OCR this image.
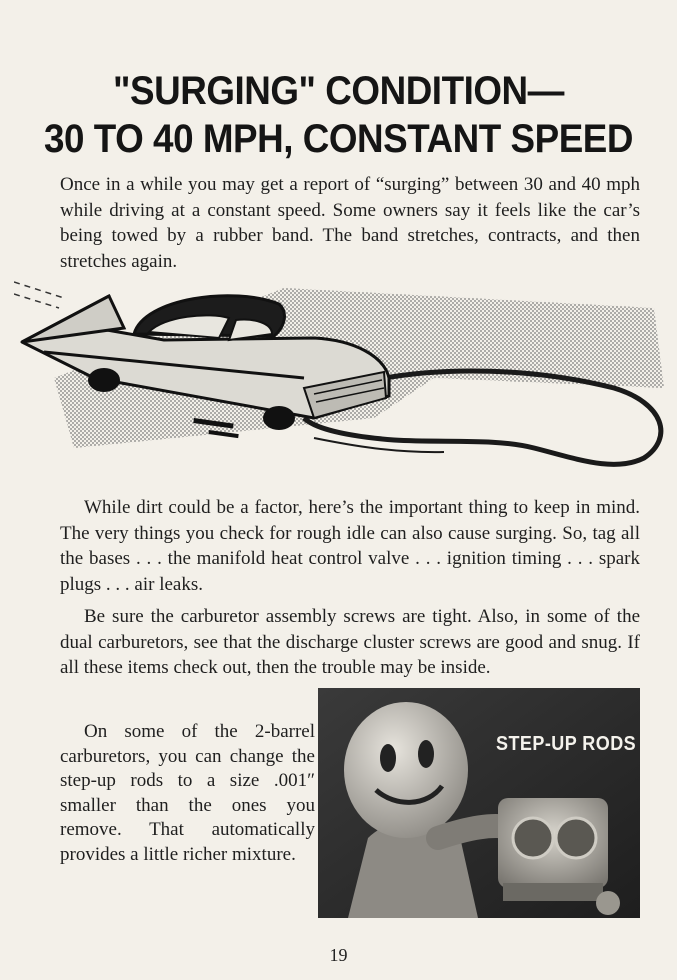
"SURGING" CONDITION—
30 TO 40 MPH, CONSTANT SPEED

Once in a while you may get a report of “surging” between 30 and 40 mph while driving at a constant speed. Some owners say it feels like the car’s being towed by a rubber band. The band stretches, contracts, and then stretches again.

While dirt could be a factor, here’s the important thing to keep in mind. The very things you check for rough idle can also cause surging. So, tag all the bases . . . the manifold heat control valve . . . ignition timing . . . spark plugs . . . air leaks.

Be sure the carburetor assembly screws are tight. Also, in some of the dual carburetors, see that the discharge cluster screws are good and snug. If all these items check out, then the trouble may be inside.

On some of the 2-barrel carburetors, you can change the step-up rods to a size .001″ smaller than the ones you remove. That automatically provides a little richer mixture.

STEP-UP RODS
19
